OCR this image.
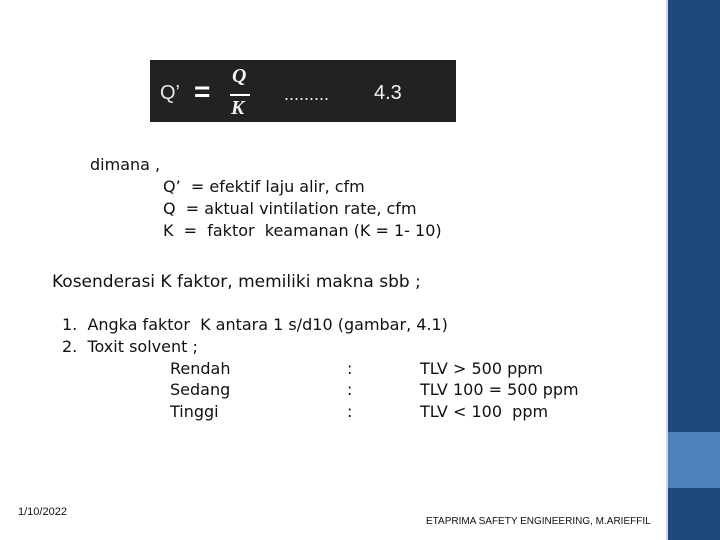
Q’ = Q
K
......... 4.3
dimana ,
Q’  = efektif laju alir, cfm
Q  = aktual vintilation rate, cfm
K  =  faktor  keamanan (K = 1- 10)
Kosenderasi K faktor, memiliki makna sbb ;
1.  Angka faktor  K antara 1 s/d10 (gambar, 4.1)
2.  Toxit solvent ;
Rendah	:	TLV > 500 ppm
Sedang	:	TLV 100 = 500 ppm
Tinggi	:	TLV < 100  ppm
1/10/2022
ETAPRIMA SAFETY ENGINEERING, M.ARIEFFIL
